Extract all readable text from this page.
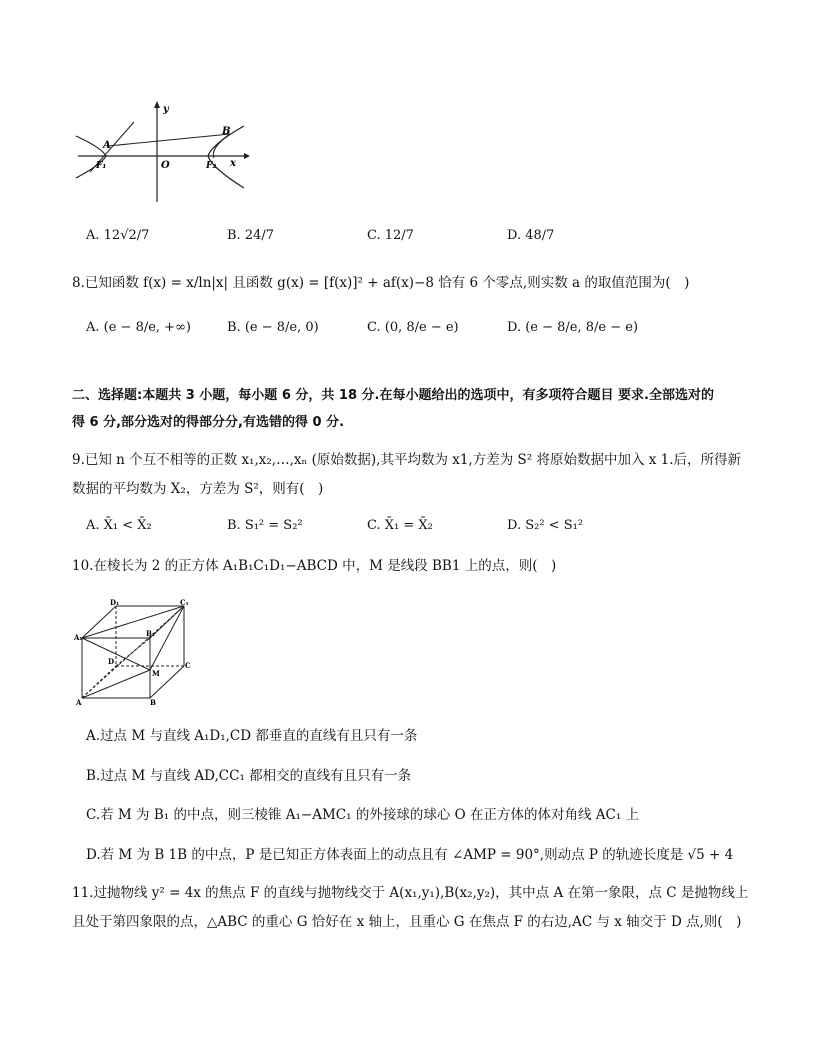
y
x
O
A
B
F₁	F₂
A. 12√2/7	B. 24/7	C. 12/7	D. 48/7
8.已知函数 f(x) = x/ln|x| 且函数 g(x) = [f(x)]² + af(x)−8 恰有 6 个零点,则实数 a 的取值范围为(　)
A. (e − 8/e, +∞)	B. (e − 8/e, 0)	C. (0, 8/e − e)	D. (e − 8/e, 8/e − e)
二、选择题:本题共 3 小题，每小题 6 分，共 18 分.在每小题给出的选项中，有多项符合题目 要求.全部选对的
得 6 分,部分选对的得部分分,有选错的得 0 分.
9.已知 n 个互不相等的正数 x₁,x₂,…,xₙ (原始数据),其平均数为 x1,方差为 S² 将原始数据中加入 x 1.后，所得新
数据的平均数为 X₂，方差为 S²，则有(　)
A. X̄₁ < X̄₂	B. S₁² = S₂²	C. X̄₁ = X̄₂	D. S₂² < S₁²
10.在棱长为 2 的正方体 A₁B₁C₁D₁−ABCD 中，M 是线段 BB1 上的点，则(　)
D₁	C₁
A₁	B₁
D	C
M
A	B
A.过点 M 与直线 A₁D₁,CD 都垂直的直线有且只有一条
B.过点 M 与直线 AD,CC₁ 都相交的直线有且只有一条
C.若 M 为 B₁ 的中点，则三棱锥 A₁−AMC₁ 的外接球的球心 O 在正方体的体对角线 AC₁ 上
D.若 M 为 B 1B 的中点，P 是已知正方体表面上的动点且有 ∠AMP = 90°,则动点 P 的轨迹长度是 √5 + 4
11.过抛物线 y² = 4x 的焦点 F 的直线与抛物线交于 A(x₁,y₁),B(x₂,y₂)，其中点 A 在第一象限，点 C 是抛物线上
且处于第四象限的点，△ABC 的重心 G 恰好在 x 轴上，且重心 G 在焦点 F 的右边,AC 与 x 轴交于 D 点,则(　)
